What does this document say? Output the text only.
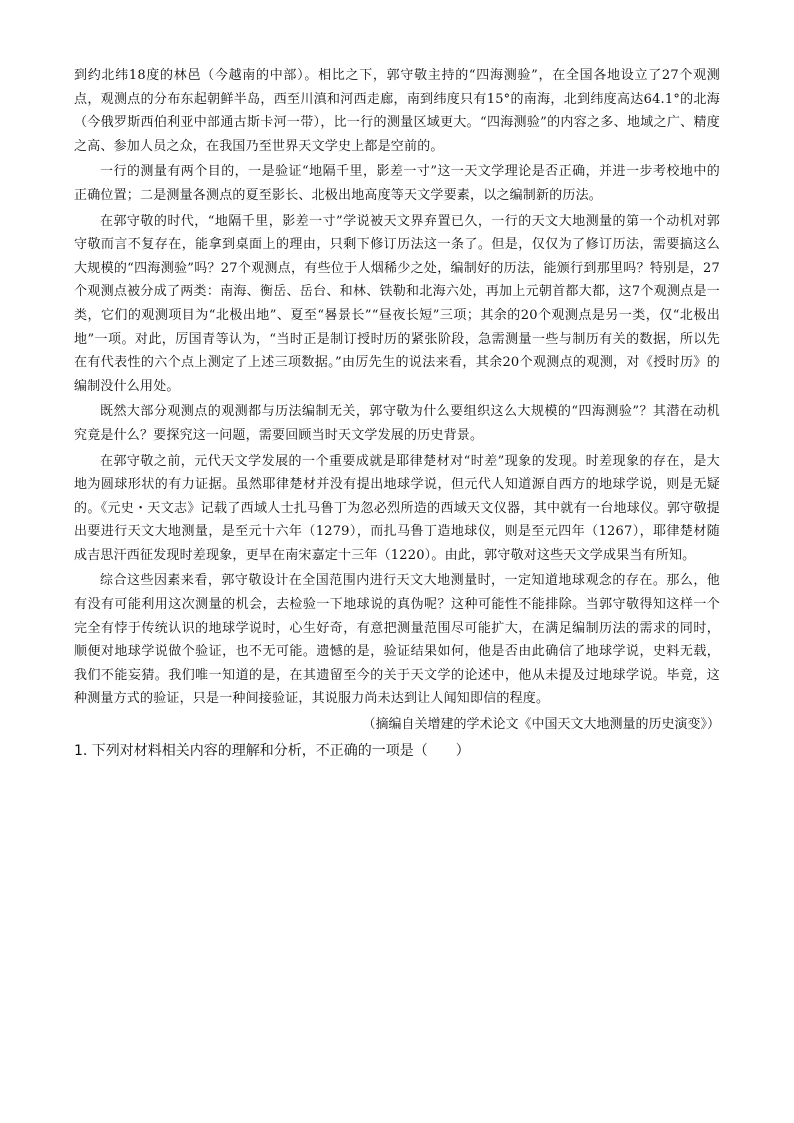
到约北纬18度的林邑（今越南的中部）。相比之下，郭守敬主持的“四海测验”，在全国各地设立了27个观测点，观测点的分布东起朝鲜半岛，西至川滇和河西走廊，南到纬度只有15°的南海，北到纬度高达64.1°的北海（今俄罗斯西伯利亚中部通古斯卡河一带），比一行的测量区域更大。“四海测验”的内容之多、地域之广、精度之高、参加人员之众，在我国乃至世界天文学史上都是空前的。

一行的测量有两个目的，一是验证“地隔千里，影差一寸”这一天文学理论是否正确，并进一步考校地中的正确位置；二是测量各测点的夏至影长、北极出地高度等天文学要素，以之编制新的历法。

在郭守敬的时代，“地隔千里，影差一寸”学说被天文界弃置已久，一行的天文大地测量的第一个动机对郭守敬而言不复存在，能拿到桌面上的理由，只剩下修订历法这一条了。但是，仅仅为了修订历法，需要搞这么大规模的“四海测验”吗？27个观测点，有些位于人烟稀少之处，编制好的历法，能颁行到那里吗？特别是，27个观测点被分成了两类：南海、衡岳、岳台、和林、铁勒和北海六处，再加上元朝首都大都，这7个观测点是一类，它们的观测项目为“北极出地”、夏至“晷景长”“昼夜长短”三项；其余的20个观测点是另一类，仅“北极出地”一项。对此，厉国青等认为，“当时正是制订授时历的紧张阶段，急需测量一些与制历有关的数据，所以先在有代表性的六个点上测定了上述三项数据。”由厉先生的说法来看，其余20个观测点的观测，对《授时历》的编制没什么用处。

既然大部分观测点的观测都与历法编制无关，郭守敬为什么要组织这么大规模的“四海测验”？其潜在动机究竟是什么？要探究这一问题，需要回顾当时天文学发展的历史背景。

在郭守敬之前，元代天文学发展的一个重要成就是耶律楚材对“时差”现象的发现。时差现象的存在，是大地为圆球形状的有力证据。虽然耶律楚材并没有提出地球学说，但元代人知道源自西方的地球学说，则是无疑的。《元史・天文志》记载了西域人士扎马鲁丁为忽必烈所造的西域天文仪器，其中就有一台地球仪。郭守敬提出要进行天文大地测量，是至元十六年（1279），而扎马鲁丁造地球仪，则是至元四年（1267），耶律楚材随成吉思汗西征发现时差现象，更早在南宋嘉定十三年（1220）。由此，郭守敬对这些天文学成果当有所知。

综合这些因素来看，郭守敬设计在全国范围内进行天文大地测量时，一定知道地球观念的存在。那么，他有没有可能利用这次测量的机会，去检验一下地球说的真伪呢？这种可能性不能排除。当郭守敬得知这样一个完全有悖于传统认识的地球学说时，心生好奇，有意把测量范围尽可能扩大，在满足编制历法的需求的同时，顺便对地球学说做个验证，也不无可能。遗憾的是，验证结果如何，他是否由此确信了地球学说，史料无载，我们不能妄猜。我们唯一知道的是，在其遗留至今的关于天文学的论述中，他从未提及过地球学说。毕竟，这种测量方式的验证，只是一种间接验证，其说服力尚未达到让人闻知即信的程度。

（摘编自关增建的学术论文《中国天文大地测量的历史演变》）

1. 下列对材料相关内容的理解和分析，不正确的一项是（　　）
